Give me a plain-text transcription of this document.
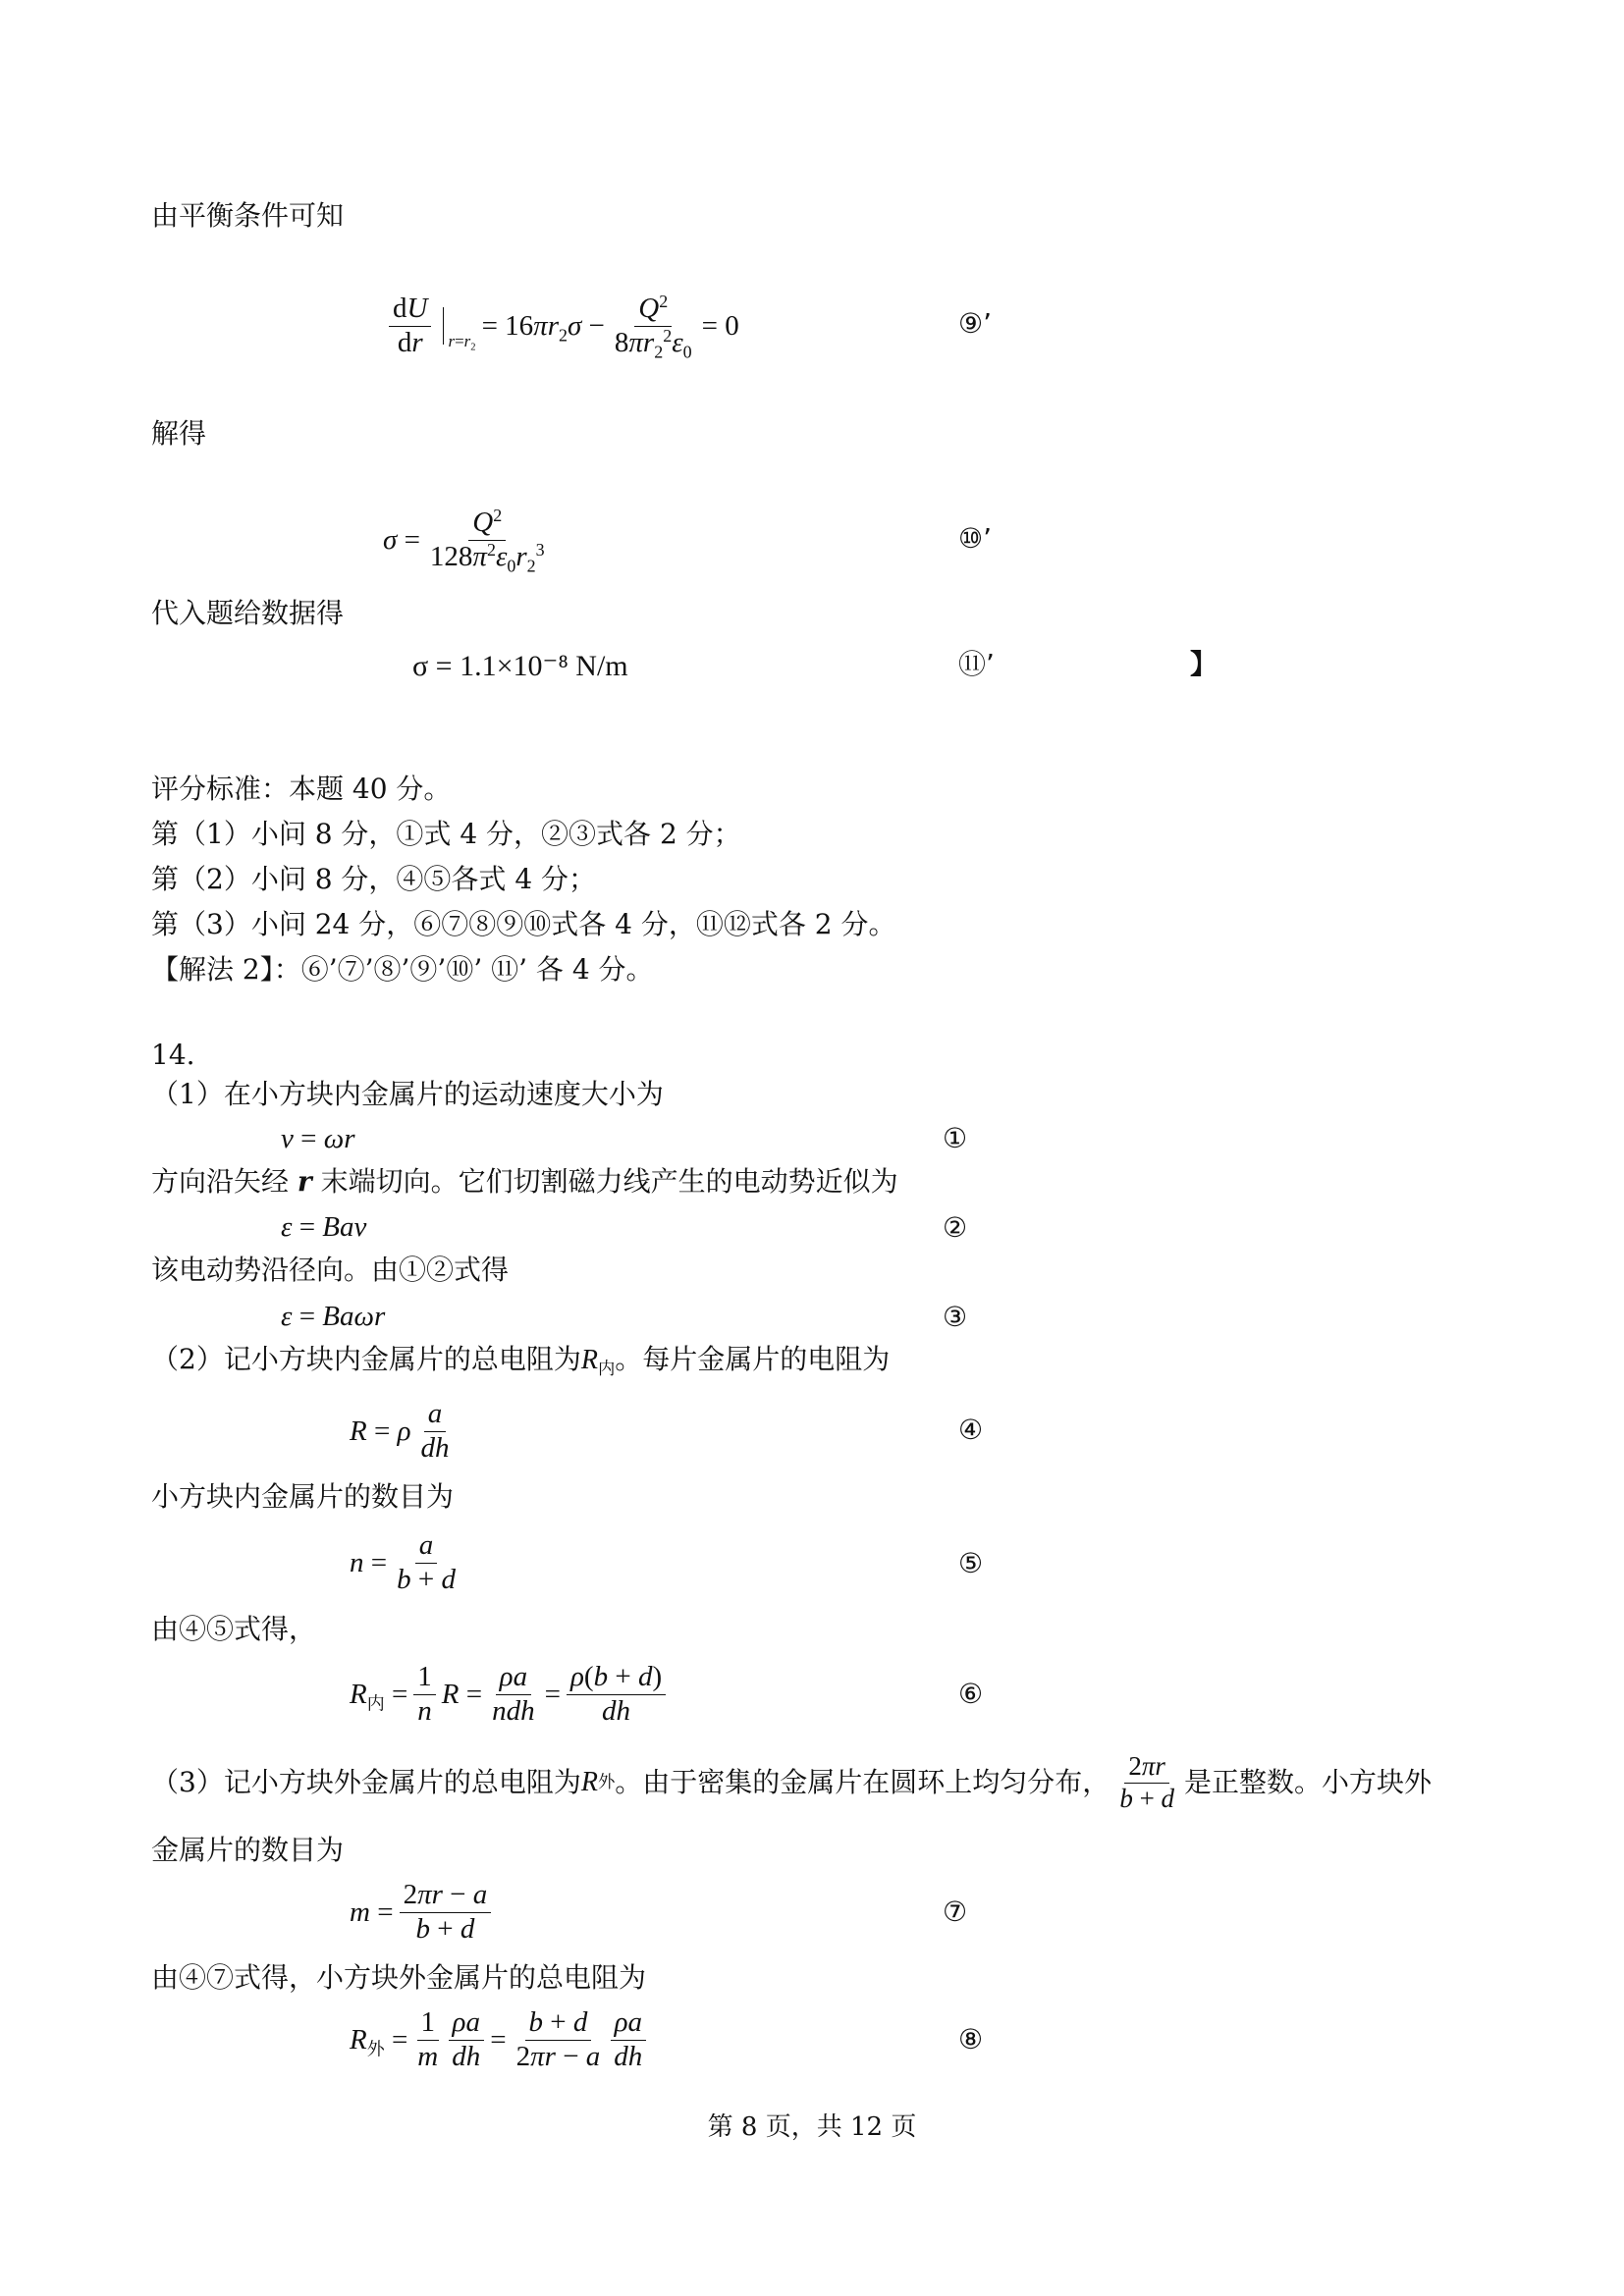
由平衡条件可知
$\frac{dU}{dr} r=r_2$
= $16\pi r_2\sigma - \frac{Q^2}{8\pi r_2^2\varepsilon_0} = 0$	⑨’
解得
$\sigma = \frac{Q^2}{128\pi^2\varepsilon_0r_2^3}$	⑩’
代入题给数据得
σ = 1.1×10⁻⁸ N/m	⑪’	】
评分标准：本题 40 分。
第（1）小问 8 分，①式 4 分，②③式各 2 分；
第（2）小问 8 分，④⑤各式 4 分；
第（3）小问 24 分，⑥⑦⑧⑨⑩式各 4 分，⑪⑫式各 2 分。
【解法 2】：⑥’⑦’⑧’⑨’⑩’ ⑪’ 各 4 分。
14.
（1）在小方块内金属片的运动速度大小为
v = ωr	①
方向沿矢经 r 末端切向。它们切割磁力线产生的电动势近似为
ε = Bav	②
该电动势沿径向。由①②式得
ε = Baωr	③
（2）记小方块内金属片的总电阻为$R_内$。每片金属片的电阻为
R = ρ $\frac{a}{dh}$	④
小方块内金属片的数目为
$n = \frac{a}{b + d}$	⑤
由④⑤式得，
$R_内 = \frac{1}{n}$ $R = \frac{\rho a}{\text{ndh}} = \frac{\rho(b + d)}{dh}$	⑥
（3）记小方块外金属片的总电阻为 R 外 。由于密集的金属片在圆环上均匀分布， $\frac{2\pi r}{b + d}$ 是正整数。小方块外
金属片的数目为
$m = \frac{2\pi r - a}{b + d}$	⑦
由④⑦式得，小方块外金属片的总电阻为
$R_外 = \frac{1}{m} \frac{\rho a}{dh} = \frac{b + d}{2\pi r - a} \frac{\rho a}{dh}$	⑧
第 8 页，共 12 页
